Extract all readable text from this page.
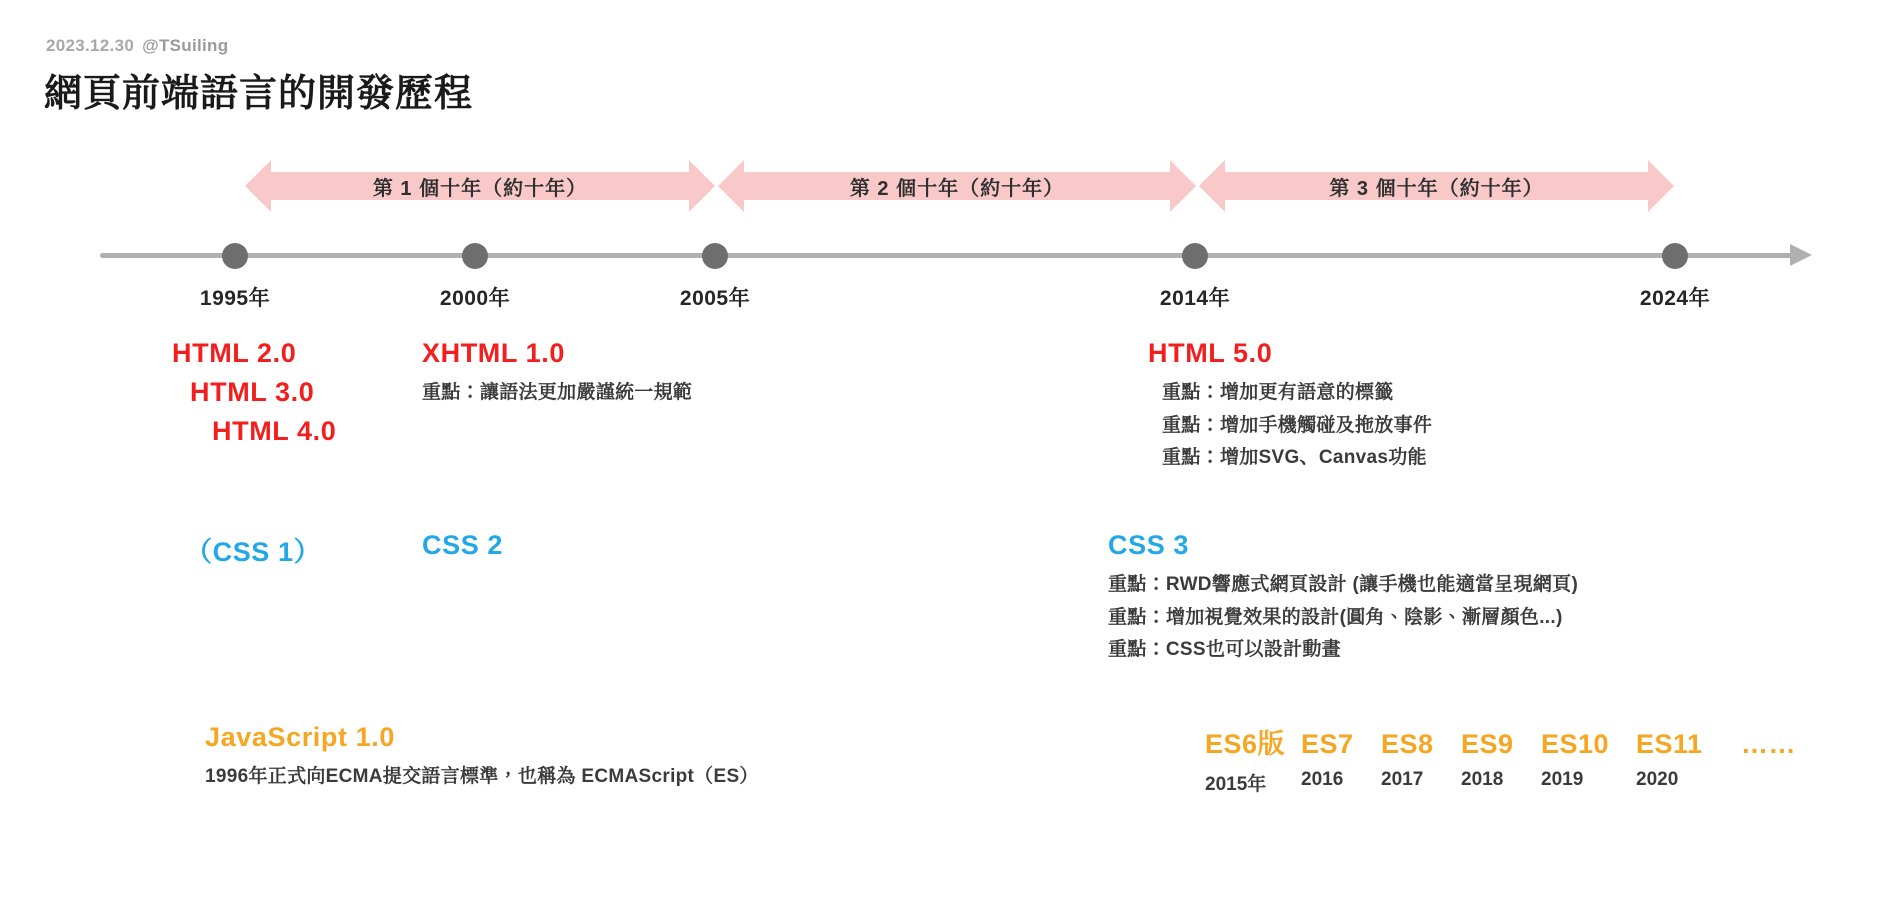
2023.12.30 @TSuiling
網頁前端語言的開發歷程
第 1 個十年（約十年）	第 2 個十年（約十年）	第 3 個十年（約十年）
1995年	2000年	2005年	2014年	2024年
HTML 2.0
HTML 3.0
HTML 4.0
XHTML 1.0
重點：讓語法更加嚴謹統一規範
HTML 5.0
重點：增加更有語意的標籤
重點：增加手機觸碰及拖放事件
重點：增加SVG、Canvas功能
（CSS 1）	CSS 2	CSS 3
重點：RWD響應式網頁設計 (讓手機也能適當呈現網頁)
重點：增加視覺效果的設計(圓角、陰影、漸層顏色...)
重點：CSS也可以設計動畫
JavaScript 1.0
1996年正式向ECMA提交語言標準，也稱為 ECMAScript（ES）
ES6版 ES7	ES8	ES9	ES10 ES11	……
2015年	2016	2017	2018	2019	2020
